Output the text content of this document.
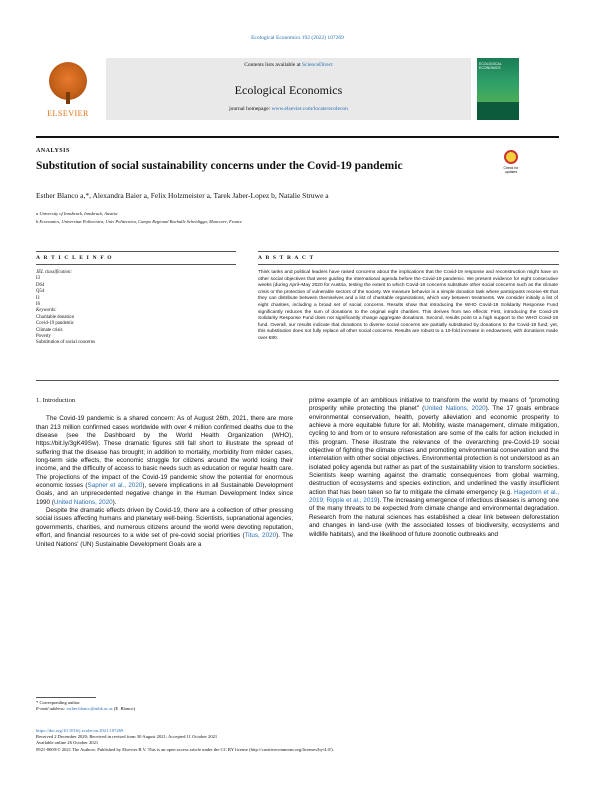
Ecological Economics 192 (2022) 107269
ELSEVIER
Contents lists available at ScienceDirect
Ecological Economics
journal homepage: www.elsevier.com/locate/ecolecon
ECOLOGICAL ECONOMICS
ANALYSIS
Substitution of social sustainability concerns under the Covid-19 pandemic	Check for updates
Esther Blanco a,*, Alexandra Baier a, Felix Holzmeister a, Tarek Jaber-Lopez b, Natalie Struwe a
a University of Innsbruck, Innsbruck, Austria
b Economics, Universitat Politecnica, Univ Politecnica, Campo Regional Rachalle Scheidigga, Moncorre, France
A R T I C L E I N F O	A B S T R A C T
JEL classification:
I3
D64
Q54
I1
I6
Keywords:
Charitable donation
Covid-19 pandemic
Climate crisis
Poverty
Substitution of social concerns
Think tanks and political leaders have raised concerns about the implications that the Covid-19 response and reconstruction might have on other social objectives that were guiding the international agenda before the Covid-19 pandemic. We present evidence for eight consecutive weeks (during April–May 2020 for Austria, testing the extent to which Covid-19 concerns substitute other social concerns such as the climate crisis or the protection of vulnerable sectors of the society. We measure behavior in a simple donation task where participants receive €8 that they can distribute between themselves and a list of charitable organizations, which vary between treatments. We consider initially a list of eight charities, including a broad set of social concerns. Results show that introducing the WHO Covid-19 Solidarity Response Fund significantly reduces the sum of donations to the original eight charities. This derives from two effects: First, introducing the Covid-19 Solidarity Response Fund does not significantly change aggregate donations. Second, results point to a high support to the WHO Covid-19 fund. Overall, our results indicate that donations to diverse social concerns are partially substituted by donations to the Covid-19 fund; yet, this substitution does not fully replace all other social concerns. Results are robust to a 10-fold increase in endowment, with donations made over €80.
1. Introduction
The Covid-19 pandemic is a shared concern: As of August 26th, 2021, there are more than 213 million confirmed cases worldwide with over 4 million confirmed deaths due to the disease (see the Dashboard by the World Health Organization (WHO), https://bit.ly/3gK49Sw). These dramatic figures still fall short to illustrate the spread of suffering that the disease has brought; in addition to mortality, morbidity from milder cases, long-term side effects, the economic struggle for citizens around the world losing their income, and the difficulty of access to basic needs such as education or regular health care. The projections of the impact of the Covid-19 pandemic show the potential for enormous economic losses (Sapner et al., 2020), severe implications in all Sustainable Development Goals, and an unprecedented negative change in the Human Development Index since 1990 (United Nations, 2020).
Despite the dramatic effects driven by Covid-19, there are a collection of other pressing social issues affecting humans and planetary well-being. Scientists, supranational agencies, governments, charities, and numerous citizens around the world were devoting reputation, effort, and financial resources to a wide set of pre-covid social priorities (Titus, 2020). The United Nations' (UN) Sustainable Development Goals are a
prime example of an ambitious initiative to transform the world by means of "promoting prosperity while protecting the planet" (United Nations, 2020). The 17 goals embrace environmental conservation, health, poverty alleviation and economic prosperity to achieve a more equitable future for all. Mobility, waste management, climate mitigation, cycling to and from or to ensure reforestation are some of the calls for action included in this program. These illustrate the relevance of the overarching pre-Covid-19 social objective of fighting the climate crises and promoting environmental conservation and the interrelation with other social objectives. Environmental protection is not understood as an isolated policy agenda but rather as part of the sustainability vision to transform societies. Scientists keep warning against the dramatic consequences from global warming, destruction of ecosystems and species extinction, and underlined the vastly insufficient action that has been taken so far to mitigate the climate emergency (e.g. Hagedorn et al., 2019; Ripple et al., 2019). The increasing emergence of infectious diseases is among one of the many threats to be expected from climate change and environmental degradation. Research from the natural sciences has established a clear link between deforestation and changes in land-use (with the associated losses of biodiversity, ecosystems and wildlife habitats), and the likelihood of future zoonotic outbreaks and
* Corresponding author.
E-mail address: esther.blanco@uibk.ac.at (E. Blanco).
https://doi.org/10.1016/j.ecolecon.2021.107269
Received 2 December 2020; Received in revised form 30 August 2021; Accepted 11 October 2021
Available online 26 October 2021
0921-8009/© 2021 The Authors. Published by Elsevier B.V. This is an open access article under the CC BY license (http://creativecommons.org/licenses/by/4.0/).
